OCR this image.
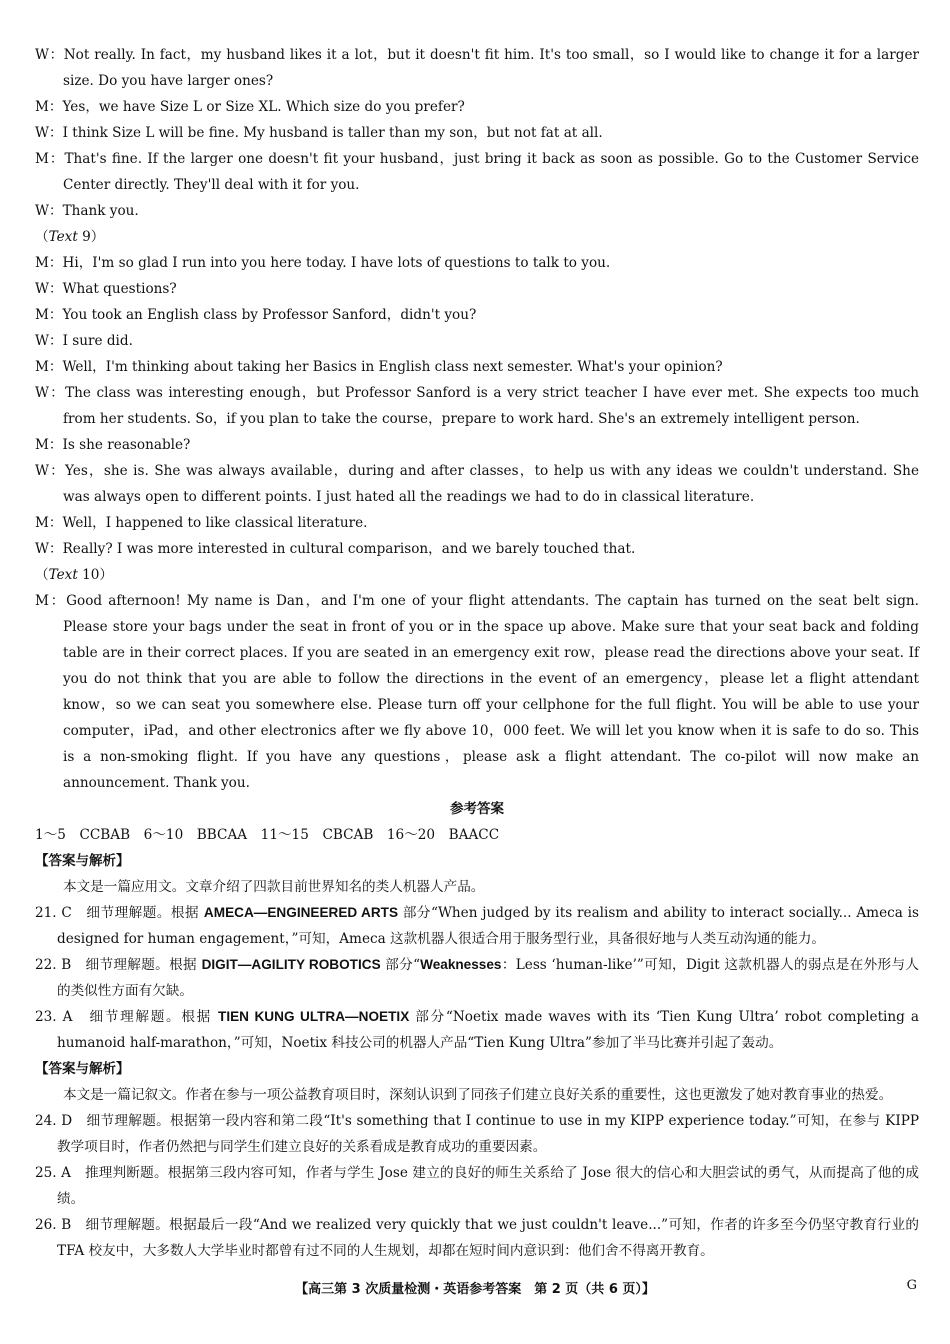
W：Not really. In fact，my husband likes it a lot，but it doesn't fit him. It's too small，so I would like to change it for a larger size. Do you have larger ones?
M：Yes，we have Size L or Size XL. Which size do you prefer?
W：I think Size L will be fine. My husband is taller than my son，but not fat at all.
M：That's fine. If the larger one doesn't fit your husband，just bring it back as soon as possible. Go to the Customer Service Center directly. They'll deal with it for you.
W：Thank you.
（Text 9）
M：Hi，I'm so glad I run into you here today. I have lots of questions to talk to you.
W：What questions?
M：You took an English class by Professor Sanford，didn't you?
W：I sure did.
M：Well，I'm thinking about taking her Basics in English class next semester. What's your opinion?
W：The class was interesting enough，but Professor Sanford is a very strict teacher I have ever met. She expects too much from her students. So，if you plan to take the course，prepare to work hard. She's an extremely intelligent person.
M：Is she reasonable?
W：Yes，she is. She was always available，during and after classes，to help us with any ideas we couldn't understand. She was always open to different points. I just hated all the readings we had to do in classical literature.
M：Well，I happened to like classical literature.
W：Really? I was more interested in cultural comparison，and we barely touched that.
（Text 10）
M：Good afternoon! My name is Dan，and I'm one of your flight attendants. The captain has turned on the seat belt sign. Please store your bags under the seat in front of you or in the space up above. Make sure that your seat back and folding table are in their correct places. If you are seated in an emergency exit row，please read the directions above your seat. If you do not think that you are able to follow the directions in the event of an emergency，please let a flight attendant know，so we can seat you somewhere else. Please turn off your cellphone for the full flight. You will be able to use your computer，iPad，and other electronics after we fly above 10，000 feet. We will let you know when it is safe to do so. This is a non-smoking flight. If you have any questions，please ask a flight attendant. The co-pilot will now make an announcement. Thank you.
参考答案
1～5　CCBAB　6～10　BBCAA　11～15　CBCAB　16～20　BAACC
【答案与解析】
本文是一篇应用文。文章介绍了四款目前世界知名的类人机器人产品。
21. C　细节理解题。根据 AMECA—ENGINEERED ARTS 部分“When judged by its realism and ability to interact socially... Ameca is designed for human engagement，”可知，Ameca 这款机器人很适合用于服务型行业，具备很好地与人类互动沟通的能力。
22. B　细节理解题。根据 DIGIT—AGILITY ROBOTICS 部分“Weaknesses：Less ‘human-like’”可知，Digit 这款机器人的弱点是在外形与人的类似性方面有欠缺。
23. A　细节理解题。根据 TIEN KUNG ULTRA—NOETIX 部分“Noetix made waves with its ‘Tien Kung Ultra’ robot completing a humanoid half-marathon，”可知，Noetix 科技公司的机器人产品“Tien Kung Ultra”参加了半马比赛并引起了轰动。
【答案与解析】
本文是一篇记叙文。作者在参与一项公益教育项目时，深刻认识到了同孩子们建立良好关系的重要性，这也更激发了她对教育事业的热爱。
24. D　细节理解题。根据第一段内容和第二段“It's something that I continue to use in my KIPP experience today.”可知，在参与 KIPP 教学项目时，作者仍然把与同学生们建立良好的关系看成是教育成功的重要因素。
25. A　推理判断题。根据第三段内容可知，作者与学生 Jose 建立的良好的师生关系给了 Jose 很大的信心和大胆尝试的勇气，从而提高了他的成绩。
26. B　细节理解题。根据最后一段“And we realized very quickly that we just couldn't leave...”可知，作者的许多至今仍坚守教育行业的 TFA 校友中，大多数人大学毕业时都曾有过不同的人生规划，却都在短时间内意识到：他们舍不得离开教育。
【高三第 3 次质量检测・英语参考答案　第 2 页（共 6 页）】	G
